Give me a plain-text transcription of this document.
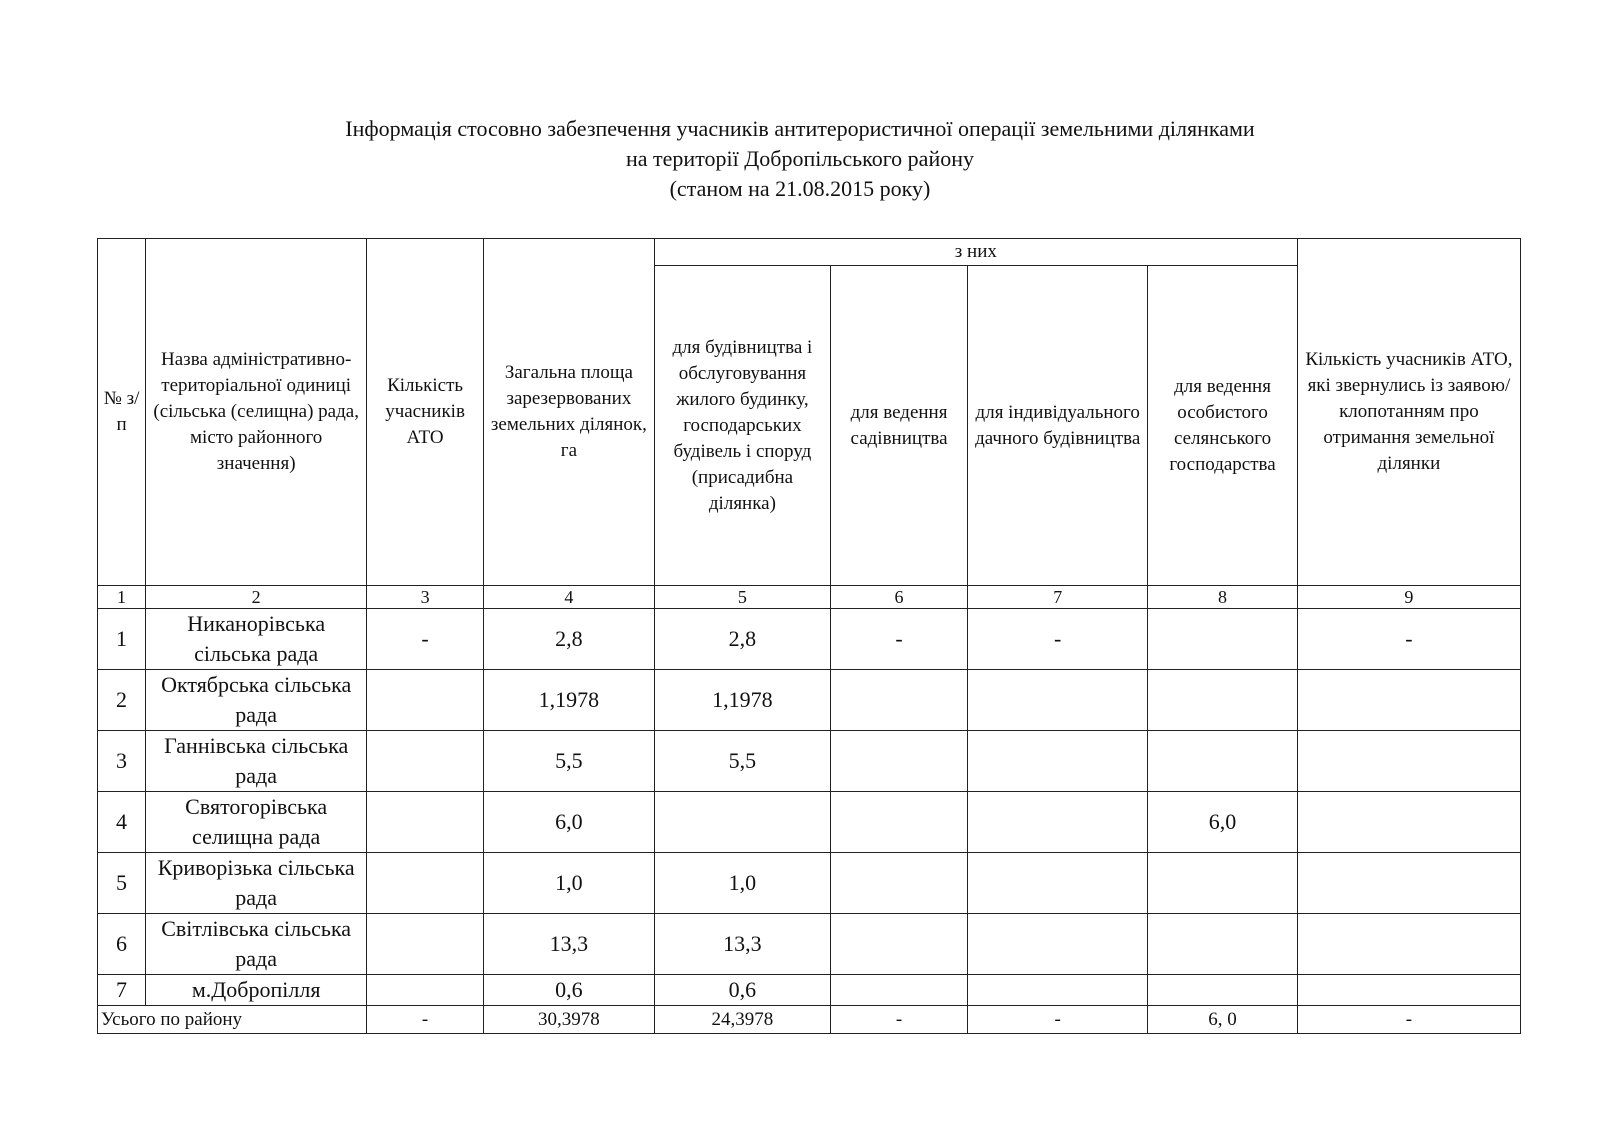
Інформація стосовно забезпечення учасників антитерористичної операції земельними ділянками
на території Добропільського району
(станом на 21.08.2015 року)
№ з/п	Назва адміністративно-територіальної одиниці (сільська (селищна) рада, місто районного значення)	Кількість учасників АТО	Загальна площа зарезервованих земельних ділянок, га	з них				Кількість учасників АТО, які звернулись із заявою/клопотанням про отримання земельної ділянки
				для будівництва і обслуговування жилого будинку, господарських будівель і споруд (присадибна ділянка)	для ведення садівництва	для індивідуального дачного будівництва	для ведення особистого селянського господарства	
1	2	3	4	5	6	7	8	9
1	Никанорівська сільська рада	-	2,8	2,8	-	-		-
2	Октябрська сільська рада		1,1978	1,1978				
3	Ганнівська сільська рада		5,5	5,5				
4	Святогорівська селищна рада		6,0				6,0	
5	Криворізька сільська рада		1,0	1,0				
6	Світлівська сільська рада		13,3	13,3				
7	м.Добропілля		0,6	0,6				
Усього по району		-	30,3978	24,3978	-	-	6, 0	-
